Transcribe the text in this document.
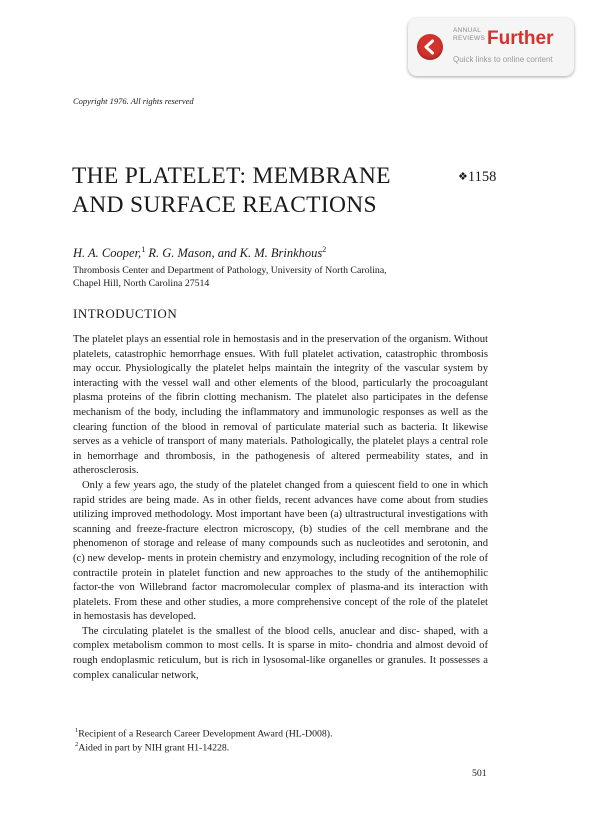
ANNUAL
REVIEWS Further
Quick links to online content
Copyright 1976. All rights reserved
THE PLATELET: MEMBRANE
AND SURFACE REACTIONS
❖1158
H. A. Cooper,$^1$ R. G. Mason, and K. M. Brinkhous$^2$
Thrombosis Center and Department of Pathology, University of North Carolina,
Chapel Hill, North Carolina 27514
INTRODUCTION

The platelet plays an essential role in hemostasis and in the preservation of the organism. Without platelets, catastrophic hemorrhage ensues. With full platelet activation, catastrophic thrombosis may occur. Physiologically the platelet helps maintain the integrity of the vascular system by interacting with the vessel wall and other elements of the blood, particularly the procoagulant plasma proteins of the fibrin clotting mechanism. The platelet also participates in the defense mechanism of the body, including the inflammatory and immunologic responses as well as the clearing function of the blood in removal of particulate material such as bacteria. It likewise serves as a vehicle of transport of many materials. Pathologically, the platelet plays a central role in hemorrhage and thrombosis, in the pathogenesis of altered permeability states, and in atherosclerosis.

Only a few years ago, the study of the platelet changed from a quiescent field to one in which rapid strides are being made. As in other fields, recent advances have come about from studies utilizing improved methodology. Most important have been (a) ultrastructural investigations with scanning and freeze-fracture electron microscopy, (b) studies of the cell membrane and the phenomenon of storage and release of many compounds such as nucleotides and serotonin, and (c) new develop- ments in protein chemistry and enzymology, including recognition of the role of contractile protein in platelet function and new approaches to the study of the antihemophilic factor-the von Willebrand factor macromolecular complex of plasma-and its interaction with platelets. From these and other studies, a more comprehensive concept of the role of the platelet in hemostasis has developed.

The circulating platelet is the smallest of the blood cells, anuclear and disc- shaped, with a complex metabolism common to most cells. It is sparse in mito- chondria and almost devoid of rough endoplasmic reticulum, but is rich in lysosomal-like organelles or granules. It possesses a complex canalicular network,

$^1$Recipient of a Research Career Development Award (HL-D008).
$^2$Aided in part by NIH grant H1-14228.
501
